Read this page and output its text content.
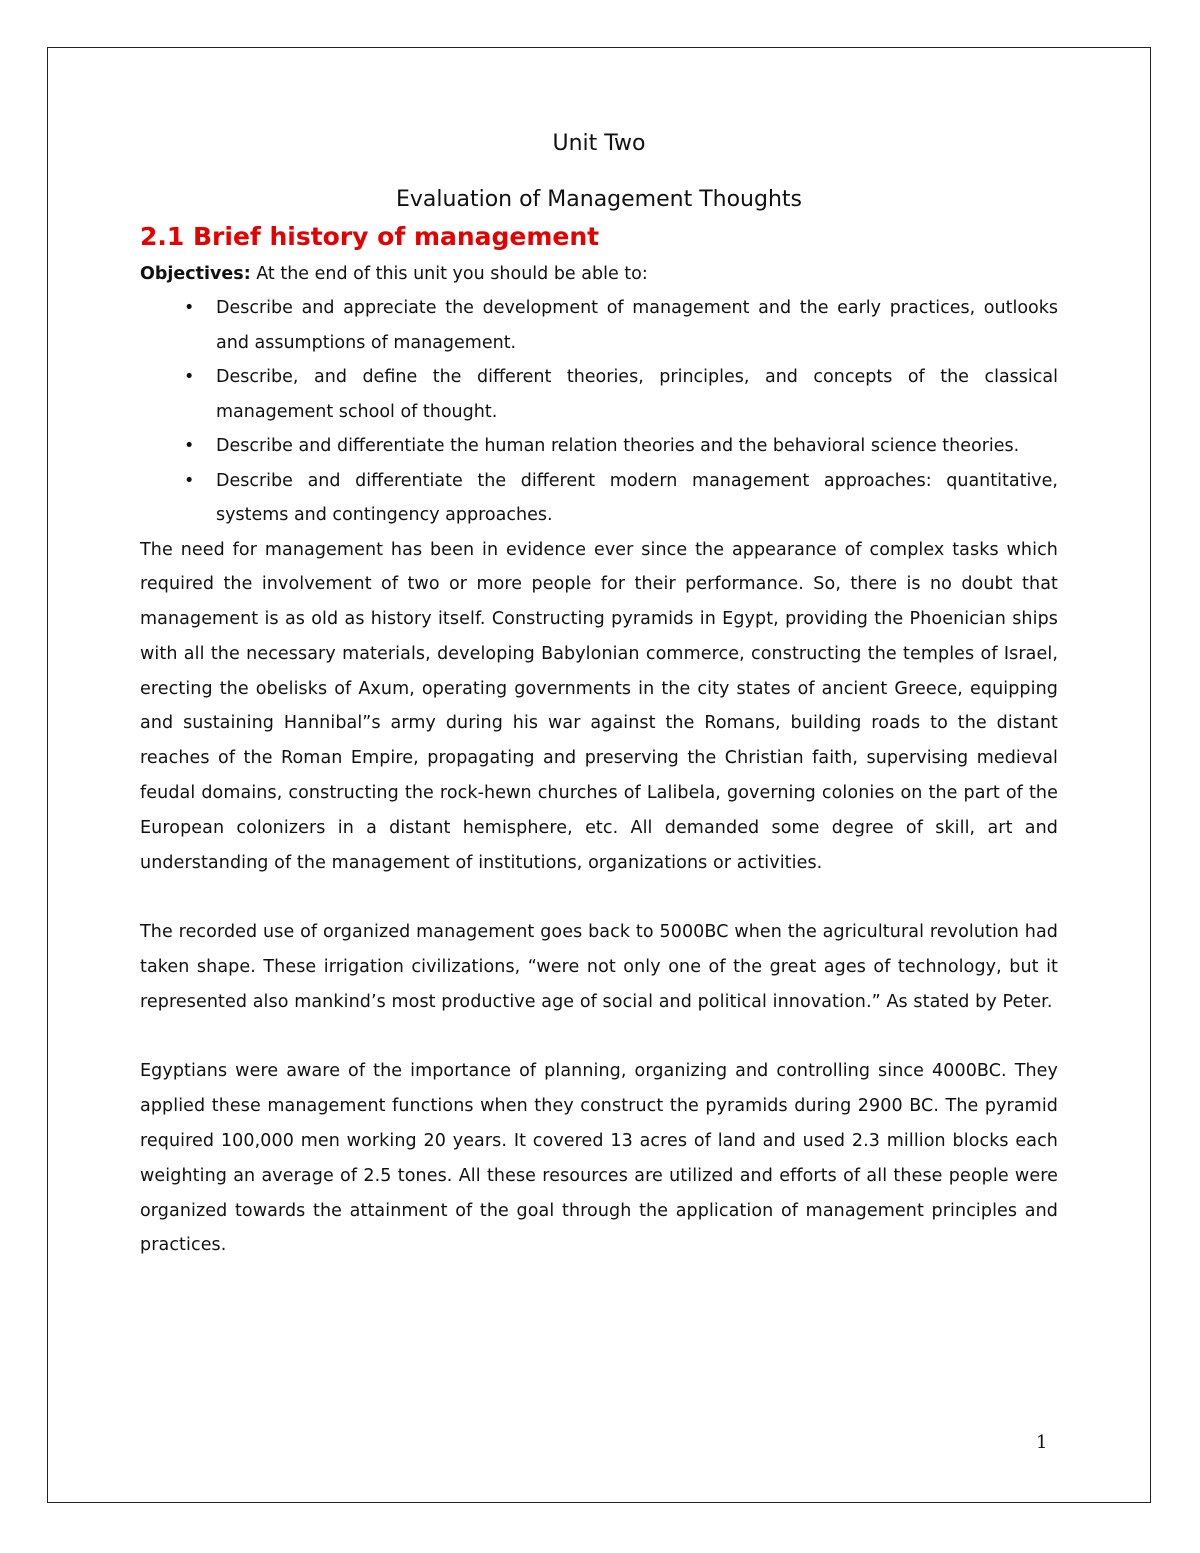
Unit Two
Evaluation of Management Thoughts
2.1 Brief history of management

Objectives: At the end of this unit you should be able to:

• Describe and appreciate the development of management and the early practices, outlooks and assumptions of management.
• Describe, and define the different theories, principles, and concepts of the classical management school of thought.
• Describe and differentiate the human relation theories and the behavioral science theories.
• Describe and differentiate the different modern management approaches: quantitative, systems and contingency approaches.

The need for management has been in evidence ever since the appearance of complex tasks which required the involvement of two or more people for their performance. So, there is no doubt that management is as old as history itself. Constructing pyramids in Egypt, providing the Phoenician ships with all the necessary materials, developing Babylonian commerce, constructing the temples of Israel, erecting the obelisks of Axum, operating governments in the city states of ancient Greece, equipping and sustaining Hannibal”s army during his war against the Romans, building roads to the distant reaches of the Roman Empire, propagating and preserving the Christian faith, supervising medieval feudal domains, constructing the rock-hewn churches of Lalibela, governing colonies on the part of the European colonizers in a distant hemisphere, etc. All demanded some degree of skill, art and understanding of the management of institutions, organizations or activities.

The recorded use of organized management goes back to 5000BC when the agricultural revolution had taken shape. These irrigation civilizations, “were not only one of the great ages of technology, but it represented also mankind’s most productive age of social and political innovation.” As stated by Peter.

Egyptians were aware of the importance of planning, organizing and controlling since 4000BC. They applied these management functions when they construct the pyramids during 2900 BC. The pyramid required 100,000 men working 20 years. It covered 13 acres of land and used 2.3 million blocks each weighting an average of 2.5 tones. All these resources are utilized and efforts of all these people were organized towards the attainment of the goal through the application of management principles and practices.

1
